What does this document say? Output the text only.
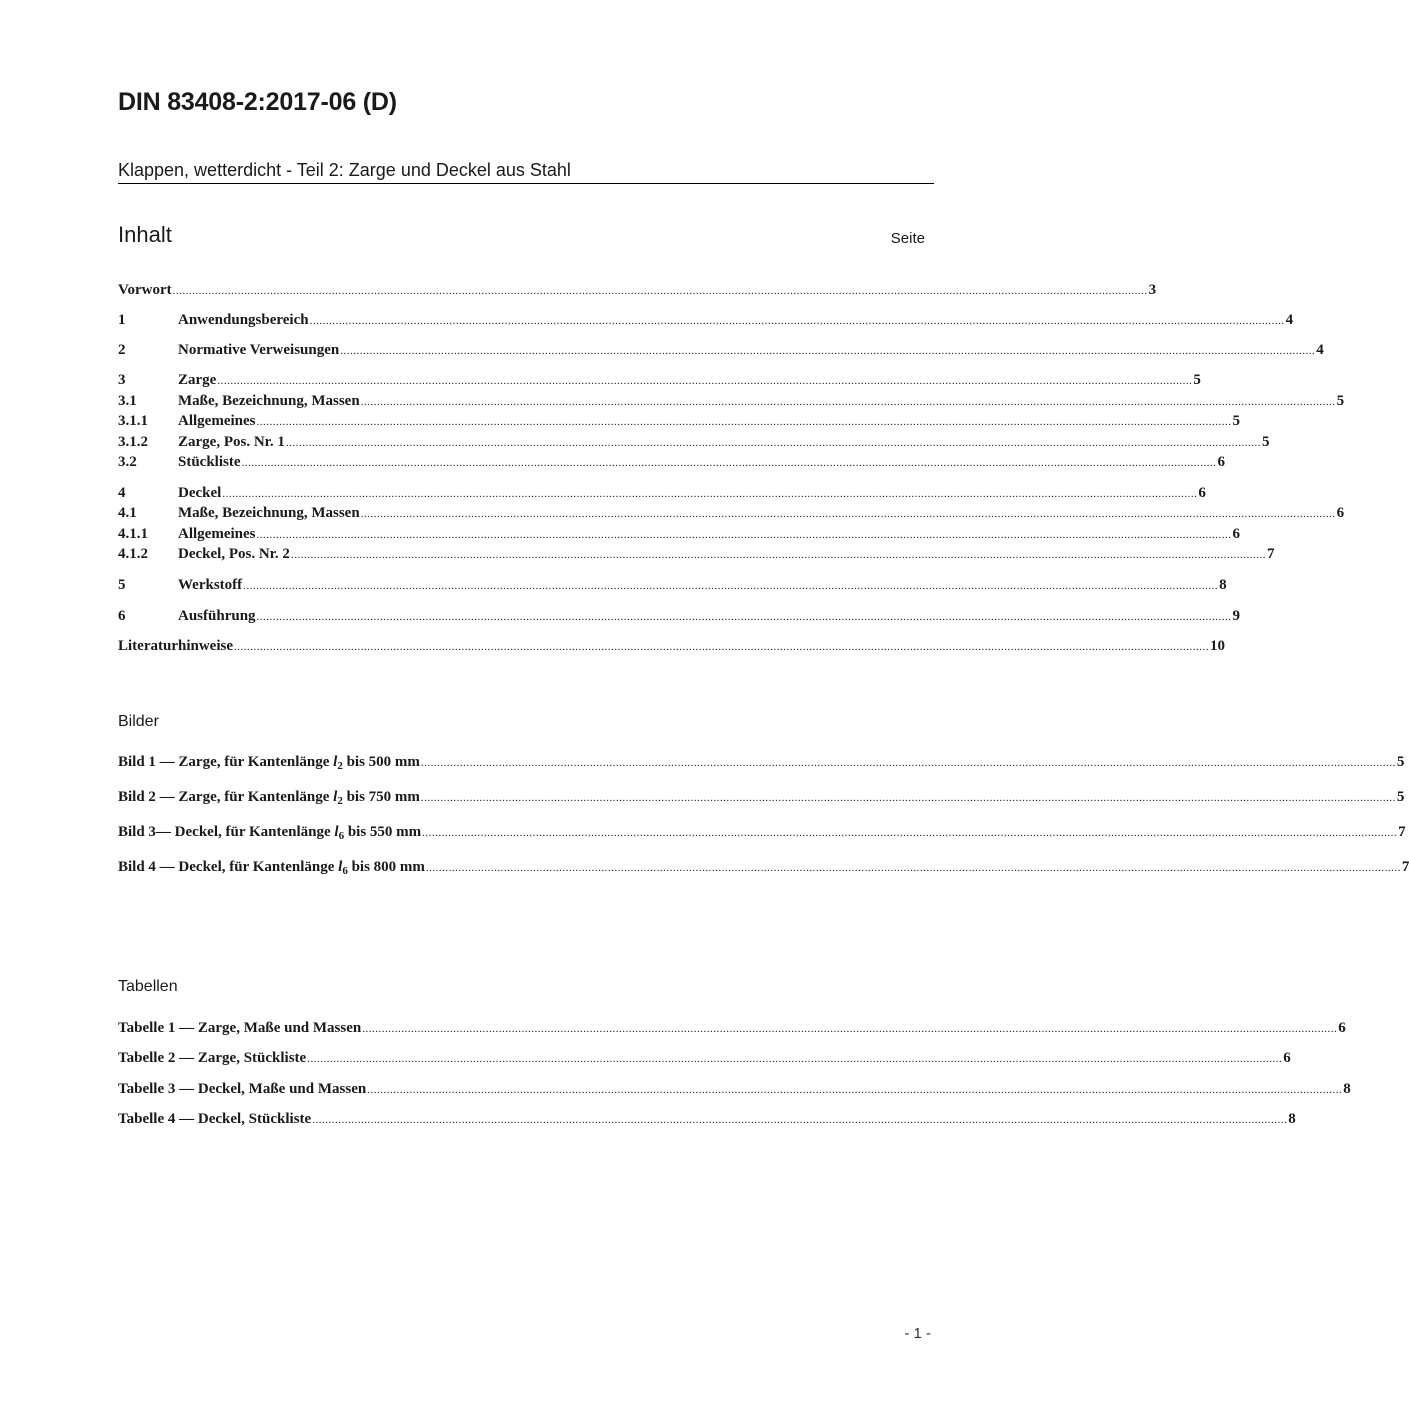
DIN 83408-2:2017-06 (D)
Klappen, wetterdicht - Teil 2: Zarge und Deckel aus Stahl
Inhalt	Seite
Vorwort ............................................................................................................................................................................................................................................................................................................ 3
1	Anwendungsbereich ............................................................................................................................................................................................................................................................................................................ 4
2	Normative Verweisungen ............................................................................................................................................................................................................................................................................................................ 4
3	Zarge ............................................................................................................................................................................................................................................................................................................ 5
3.1	Maße, Bezeichnung, Massen ............................................................................................................................................................................................................................................................................................................ 5
3.1.1	Allgemeines ............................................................................................................................................................................................................................................................................................................ 5
3.1.2	Zarge, Pos. Nr. 1 ............................................................................................................................................................................................................................................................................................................ 5
3.2	Stückliste ............................................................................................................................................................................................................................................................................................................ 6
4	Deckel ............................................................................................................................................................................................................................................................................................................ 6
4.1	Maße, Bezeichnung, Massen ............................................................................................................................................................................................................................................................................................................ 6
4.1.1	Allgemeines ............................................................................................................................................................................................................................................................................................................ 6
4.1.2	Deckel, Pos. Nr. 2 ............................................................................................................................................................................................................................................................................................................ 7
5	Werkstoff ............................................................................................................................................................................................................................................................................................................ 8
6	Ausführung ............................................................................................................................................................................................................................................................................................................ 9
Literaturhinweise ............................................................................................................................................................................................................................................................................................................ 10
Bilder
Bild 1 — Zarge, für Kantenlänge $l_2$ bis 500 mm ............................................................................................................................................................................................................................................................................................................ 5
Bild 2 — Zarge, für Kantenlänge $l_2$ bis 750 mm ............................................................................................................................................................................................................................................................................................................ 5
Bild 3— Deckel, für Kantenlänge $l_6$ bis 550 mm ............................................................................................................................................................................................................................................................................................................ 7
Bild 4 — Deckel, für Kantenlänge $l_6$ bis 800 mm ............................................................................................................................................................................................................................................................................................................ 7
Tabellen
Tabelle 1 — Zarge, Maße und Massen ............................................................................................................................................................................................................................................................................................................ 6
Tabelle 2 — Zarge, Stückliste ............................................................................................................................................................................................................................................................................................................ 6
Tabelle 3 — Deckel, Maße und Massen ............................................................................................................................................................................................................................................................................................................ 8
Tabelle 4 — Deckel, Stückliste ............................................................................................................................................................................................................................................................................................................ 8
- 1 -
